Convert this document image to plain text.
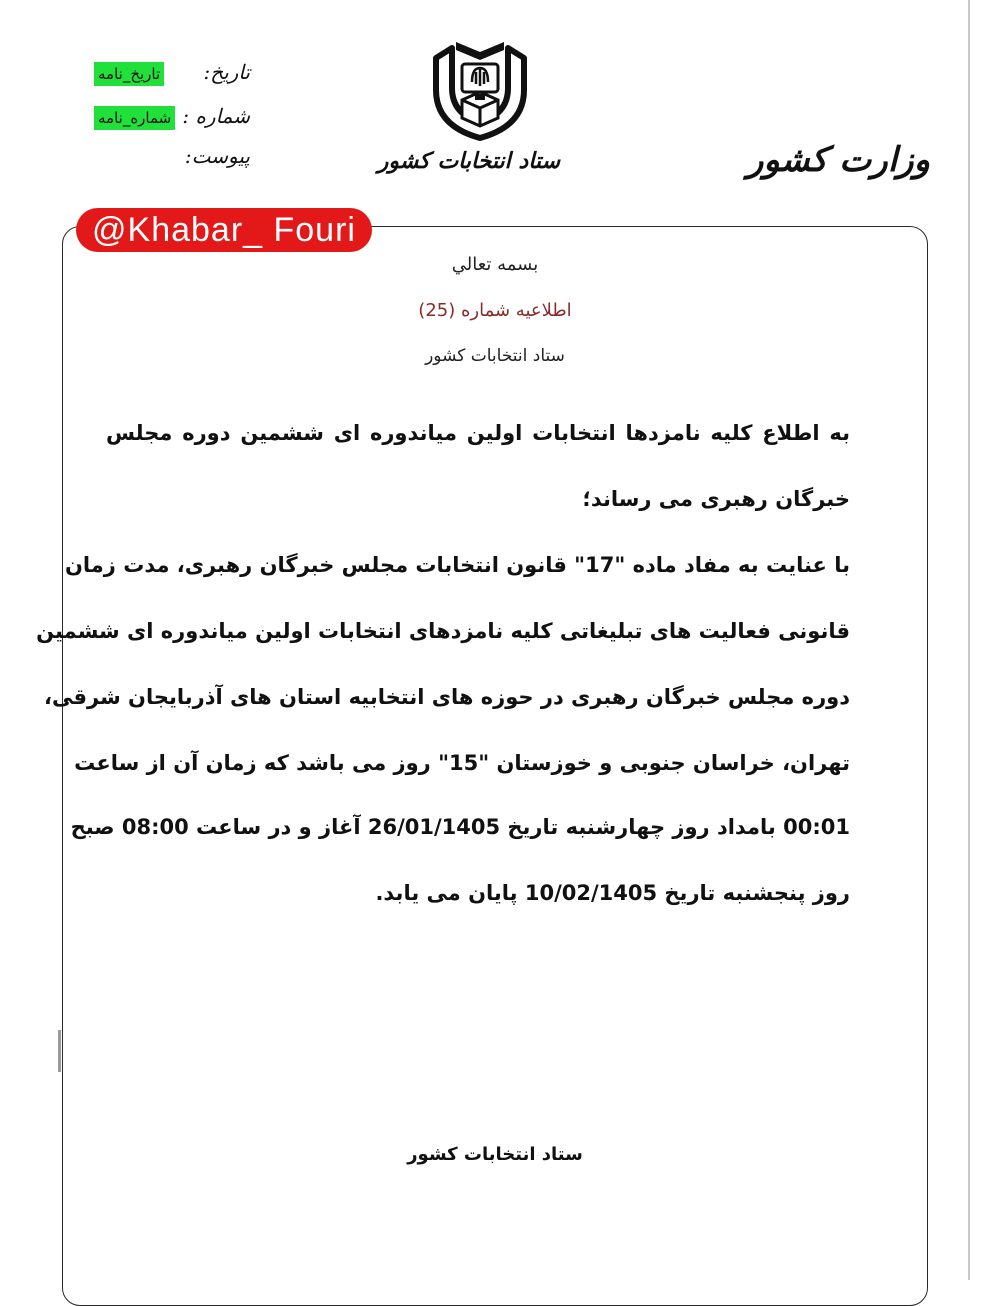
تاریخ:
تاریخ_نامه
شماره :
شماره_نامه
پیوست:	ستاد انتخابات کشور	وزارت کشور
@Khabar_ Fouri
بسمه تعالي
اطلاعيه شماره (25)
ستاد انتخابات كشور
به اطلاع کلیه نامزدها انتخابات اولین میاندوره ای ششمین دوره مجلس
خبرگان رهبری می رساند؛
با عنایت به مفاد ماده "17" قانون انتخابات مجلس خبرگان رهبری، مدت زمان
قانونی فعالیت های تبلیغاتی کلیه نامزدهای انتخابات اولین میاندوره ای ششمین
دوره مجلس خبرگان رهبری در حوزه های انتخابیه استان های آذربایجان شرقی،
تهران، خراسان جنوبی و خوزستان "15" روز می باشد که زمان آن از ساعت
00:01 بامداد روز چهارشنبه تاریخ 26/01/1405 آغاز و در ساعت 08:00 صبح
روز پنجشنبه تاریخ 10/02/1405 پایان می یابد.
ستاد انتخابات کشور
